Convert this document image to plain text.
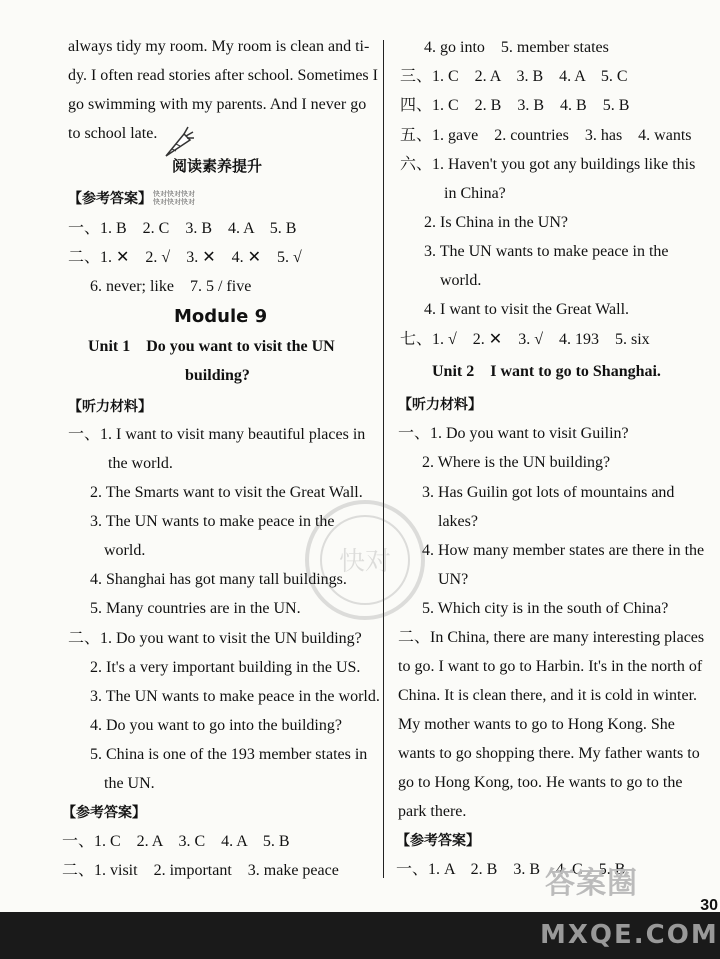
always tidy my room. My room is clean and ti-
dy. I often read stories after school. Sometimes I
go swimming with my parents. And I never go
to school late.
阅读素养提升
【参考答案】 快对快对快对
快对快对快对
一、1. B　2. C　3. B　4. A　5. B
二、1. ✕　2. √　3. ✕　4. ✕　5. √
6. never; like　7. 5 / five
Module 9
Unit 1　Do you want to visit the UN
building?
【听力材料】
一、1. I want to visit many beautiful places in
the world.
2. The Smarts want to visit the Great Wall.
3. The UN wants to make peace in the
world.
4. Shanghai has got many tall buildings.
5. Many countries are in the UN.
二、1. Do you want to visit the UN building?
2. It's a very important building in the US.
3. The UN wants to make peace in the world.
4. Do you want to go into the building?
5. China is one of the 193 member states in
the UN.
【参考答案】
一、1. C　2. A　3. C　4. A　5. B
二、1. visit　2. important　3. make peace
4. go into　5. member states
三、1. C　2. A　3. B　4. A　5. C
四、1. C　2. B　3. B　4. B　5. B
五、1. gave　2. countries　3. has　4. wants
六、1. Haven't you got any buildings like this
in China?
2. Is China in the UN?
3. The UN wants to make peace in the
world.
4. I want to visit the Great Wall.
七、1. √　2. ✕　3. √　4. 193　5. six
Unit 2　I want to go to Shanghai.
【听力材料】
一、1. Do you want to visit Guilin?
2. Where is the UN building?
3. Has Guilin got lots of mountains and
lakes?
4. How many member states are there in the
UN?
5. Which city is in the south of China?
二、In China, there are many interesting places
to go. I want to go to Harbin. It's in the north of
China. It is clean there, and it is cold in winter.
My mother wants to go to Hong Kong. She
wants to go shopping there. My father wants to
go to Hong Kong, too. He wants to go to the
park there.
【参考答案】
一、1. A　2. B　3. B　4. C　5. B
快对
答案圈
MXQE.COM
30
